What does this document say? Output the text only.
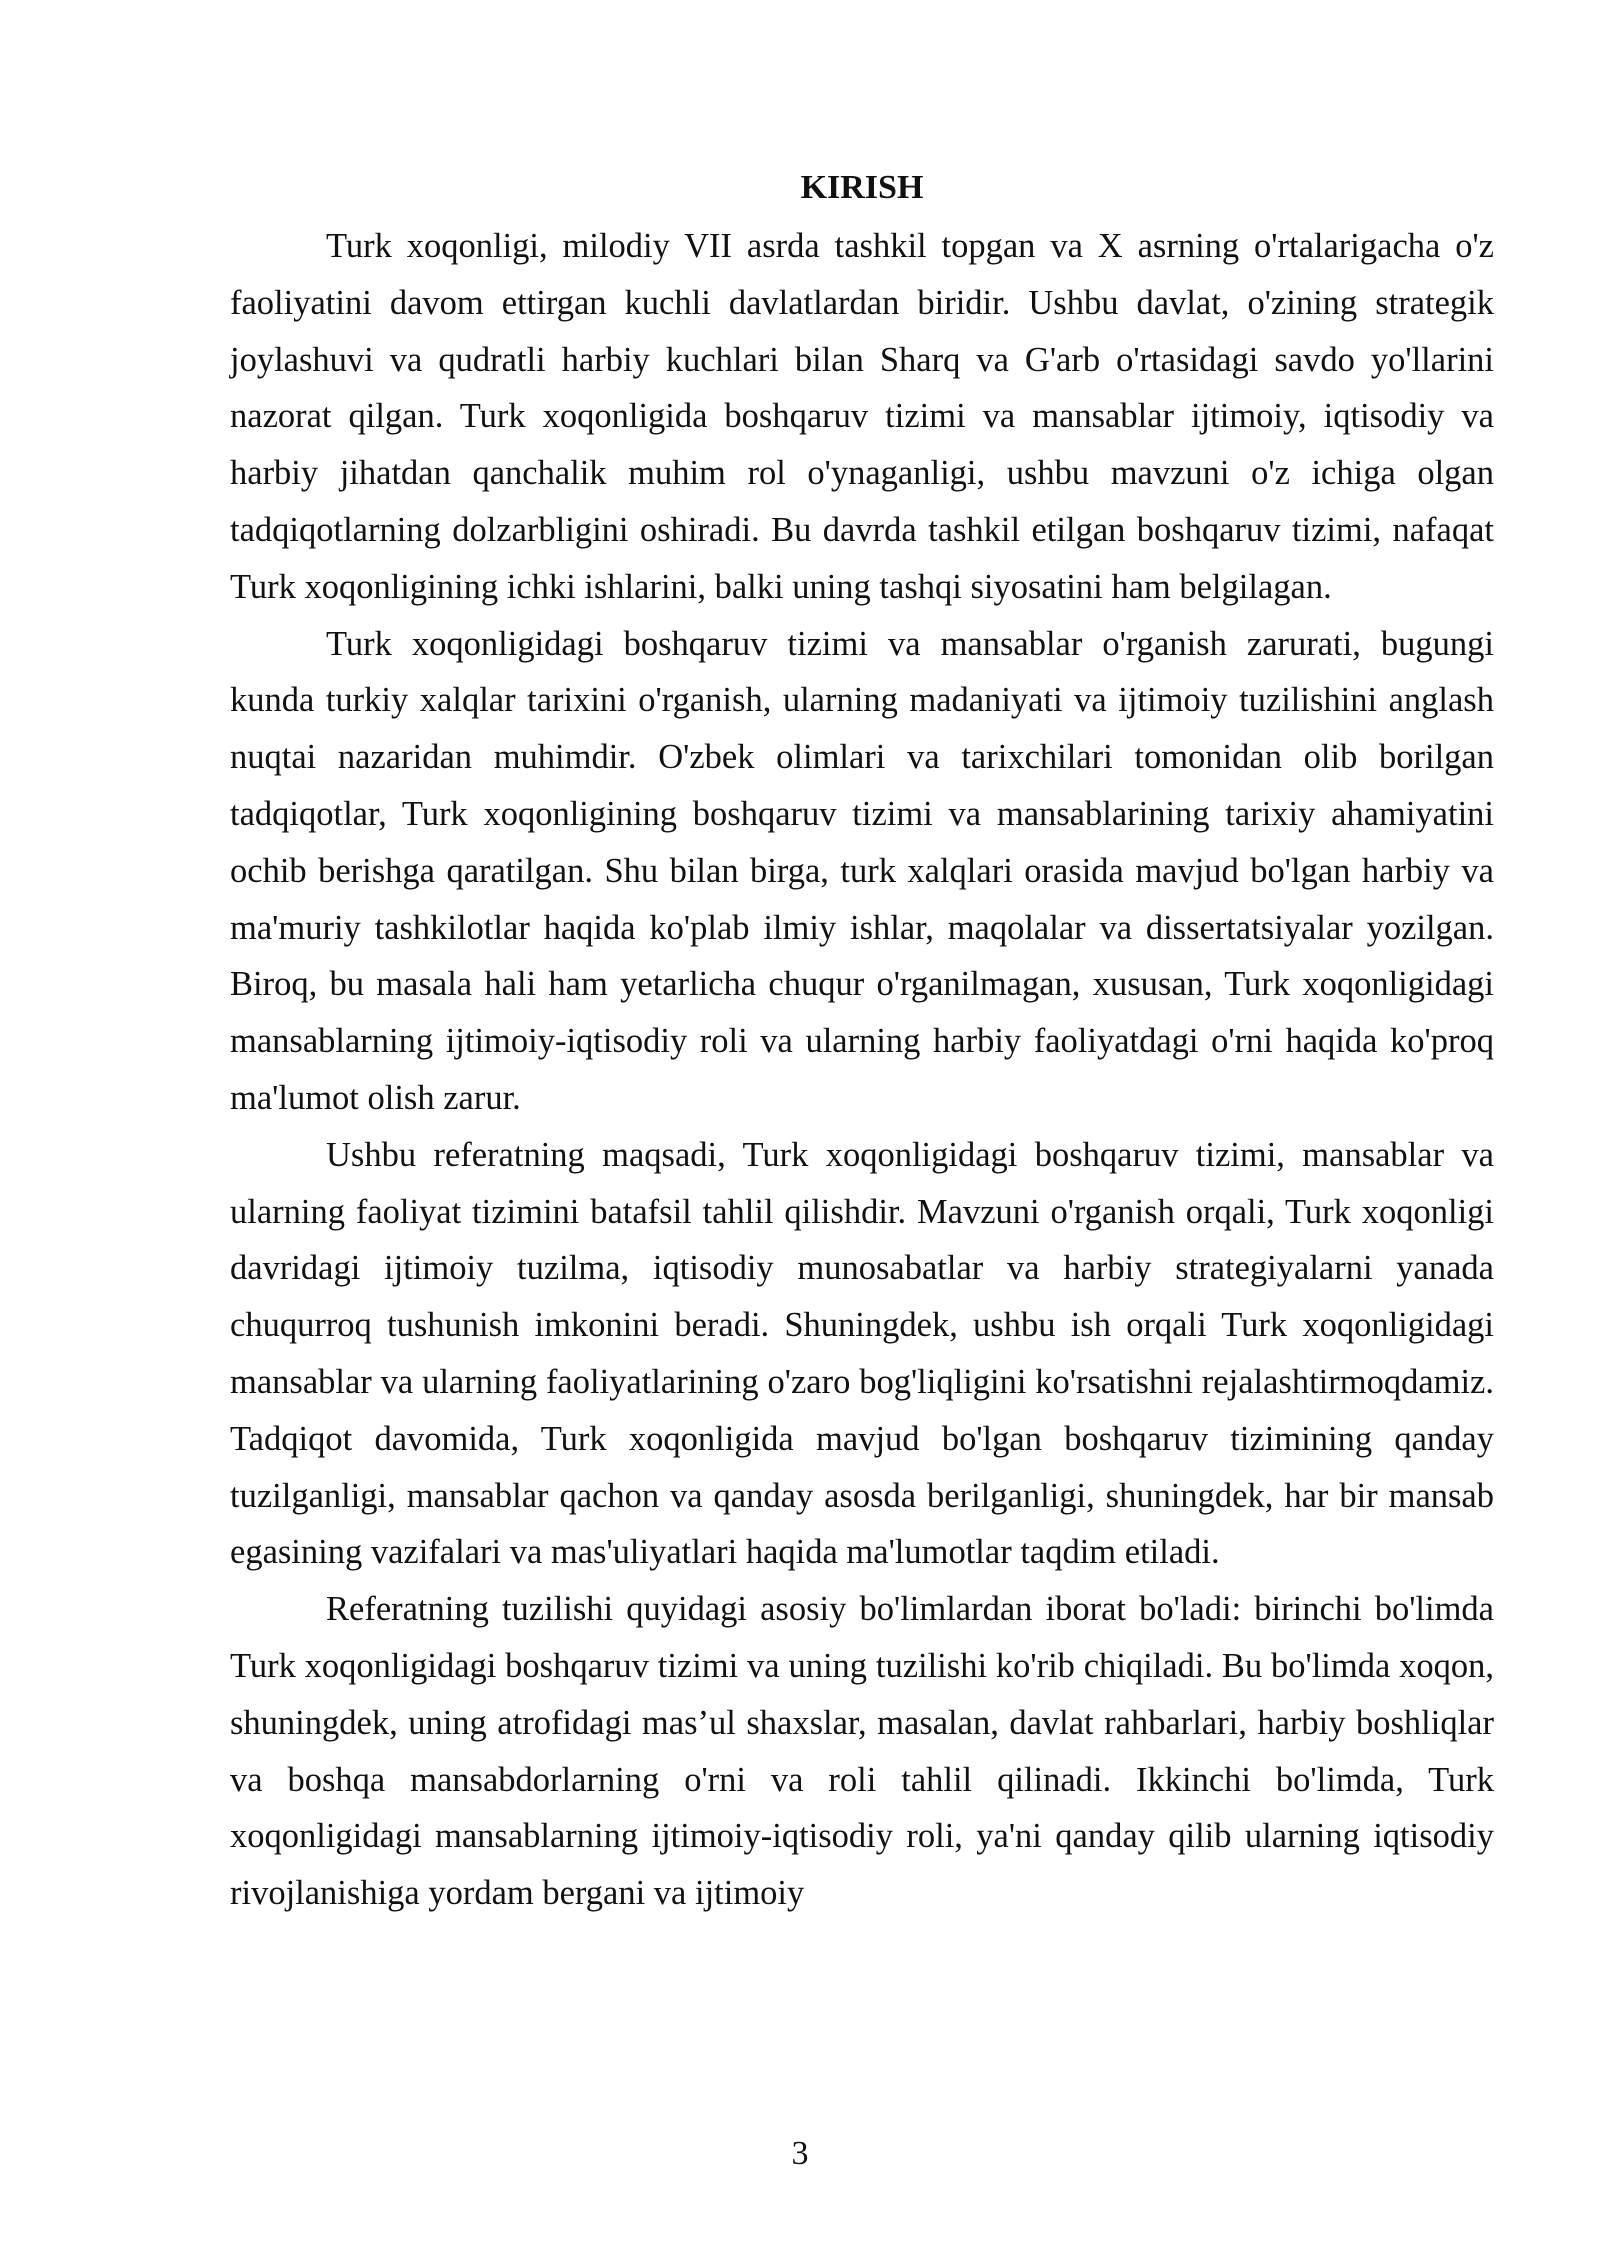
KIRISH

Turk xoqonligi, milodiy VII asrda tashkil topgan va X asrning o'rtalarigacha o'z faoliyatini davom ettirgan kuchli davlatlardan biridir. Ushbu davlat, o'zining strategik joylashuvi va qudratli harbiy kuchlari bilan Sharq va G'arb o'rtasidagi savdo yo'llarini nazorat qilgan. Turk xoqonligida boshqaruv tizimi va mansablar ijtimoiy, iqtisodiy va harbiy jihatdan qanchalik muhim rol o'ynaganligi, ushbu mavzuni o'z ichiga olgan tadqiqotlarning dolzarbligini oshiradi. Bu davrda tashkil etilgan boshqaruv tizimi, nafaqat Turk xoqonligining ichki ishlarini, balki uning tashqi siyosatini ham belgilagan.

Turk xoqonligidagi boshqaruv tizimi va mansablar o'rganish zarurati, bugungi kunda turkiy xalqlar tarixini o'rganish, ularning madaniyati va ijtimoiy tuzilishini anglash nuqtai nazaridan muhimdir. O'zbek olimlari va tarixchilari tomonidan olib borilgan tadqiqotlar, Turk xoqonligining boshqaruv tizimi va mansablarining tarixiy ahamiyatini ochib berishga qaratilgan. Shu bilan birga, turk xalqlari orasida mavjud bo'lgan harbiy va ma'muriy tashkilotlar haqida ko'plab ilmiy ishlar, maqolalar va dissertatsiyalar yozilgan. Biroq, bu masala hali ham yetarlicha chuqur o'rganilmagan, xususan, Turk xoqonligidagi mansablarning ijtimoiy-iqtisodiy roli va ularning harbiy faoliyatdagi o'rni haqida ko'proq ma'lumot olish zarur.

Ushbu referatning maqsadi, Turk xoqonligidagi boshqaruv tizimi, mansablar va ularning faoliyat tizimini batafsil tahlil qilishdir. Mavzuni o'rganish orqali, Turk xoqonligi davridagi ijtimoiy tuzilma, iqtisodiy munosabatlar va harbiy strategiyalarni yanada chuqurroq tushunish imkonini beradi. Shuningdek, ushbu ish orqali Turk xoqonligidagi mansablar va ularning faoliyatlarining o'zaro bog'liqligini ko'rsatishni rejalashtirmoqdamiz. Tadqiqot davomida, Turk xoqonligida mavjud bo'lgan boshqaruv tizimining qanday tuzilganligi, mansablar qachon va qanday asosda berilganligi, shuningdek, har bir mansab egasining vazifalari va mas'uliyatlari haqida ma'lumotlar taqdim etiladi.

Referatning tuzilishi quyidagi asosiy bo'limlardan iborat bo'ladi: birinchi bo'limda Turk xoqonligidagi boshqaruv tizimi va uning tuzilishi ko'rib chiqiladi. Bu bo'limda xoqon, shuningdek, uning atrofidagi mas’ul shaxslar, masalan, davlat rahbarlari, harbiy boshliqlar va boshqa mansabdorlarning o'rni va roli tahlil qilinadi. Ikkinchi bo'limda, Turk xoqonligidagi mansablarning ijtimoiy-iqtisodiy roli, ya'ni qanday qilib ularning iqtisodiy rivojlanishiga yordam bergani va ijtimoiy

3
